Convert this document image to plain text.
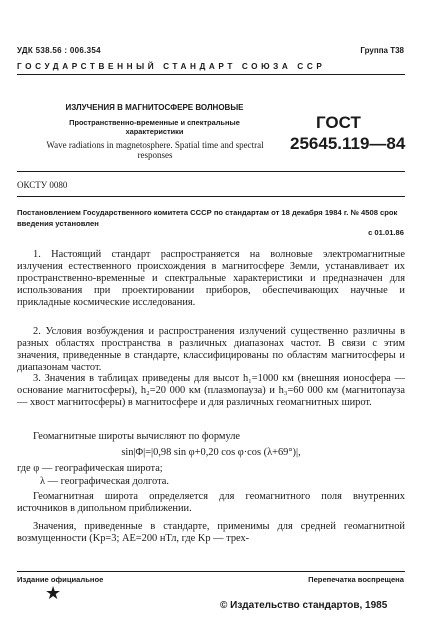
УДК 538.56 : 006.354	Группа Т38
ГОСУДАРСТВЕННЫЙ СТАНДАРТ СОЮЗА ССР
ИЗЛУЧЕНИЯ В МАГНИТОСФЕРЕ ВОЛНОВЫЕ
Пространственно-временные и спектральные характеристики
Wave radiations in magnetosphere. Spatial time and spectral responses
ГОСТ
25645.119—84
ОКСТУ 0080
Постановлением Государственного комитета СССР по стандартам от 18 декабря 1984 г. № 4508 срок введения установлен
с 01.01.86
1. Настоящий стандарт распространяется на волновые электромагнитные излучения естественного происхождения в магнитосфере Земли, устанавливает их пространственно-временные и спектральные характеристики и предназначен для использования при проектировании приборов, обеспечивающих научные и прикладные космические исследования.
2. Условия возбуждения и распространения излучений существенно различны в разных областях пространства в различных диапазонах частот. В связи с этим значения, приведенные в стандарте, классифицированы по областям магнитосферы и диапазонам частот.
3. Значения в таблицах приведены для высот h₁=1000 км (внешняя ионосфера — основание магнитосферы), h₂=20 000 км (плазмопауза) и h₃=60 000 км (магнитопауза — хвост магнитосферы) в магнитосфере и для различных геомагнитных широт.
Геомагнитные широты вычисляют по формуле
sin|Φ|=|0,98 sin φ+0,20 cos φ·cos (λ+69°)|,
где φ — географическая широта;
λ — географическая долгота.
Геомагнитная широта определяется для геомагнитного поля внутренних источников в дипольном приближении.
Значения, приведенные в стандарте, применимы для средней геомагнитной возмущенности (Kр=3; AE=200 нТл, где Kр — трех-
Издание официальное	Перепечатка воспрещена
★
© Издательство стандартов, 1985
